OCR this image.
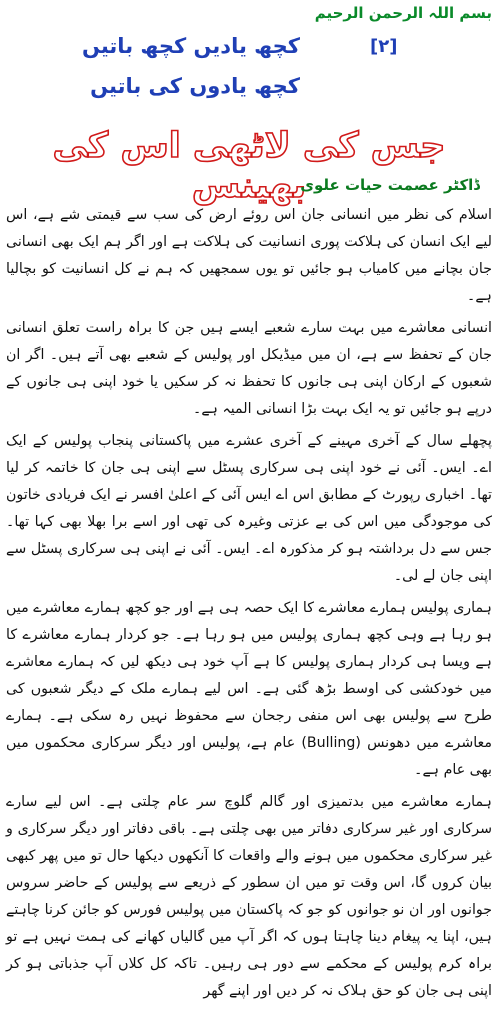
بسم اللہ الرحمن الرحیم
[۲]
کچھ یادیں کچھ باتیں
کچھ یادوں کی باتیں
جس کی لاٹھی اس کی بھینس
ڈاکٹر عصمت حیات علوی

اسلام کی نظر میں انسانی جان اس روئے ارض کی سب سے قیمتی شے ہے، اس لیے ایک انسان کی ہلاکت پوری انسانیت کی ہلاکت ہے اور اگر ہم ایک بھی انسانی جان بچانے میں کامیاب ہو جائیں تو یوں سمجھیں کہ ہم نے کل انسانیت کو بچالیا ہے۔

انسانی معاشرے میں بہت سارے شعبے ایسے ہیں جن کا براہ راست تعلق انسانی جان کے تحفظ سے ہے، ان میں میڈیکل اور پولیس کے شعبے بھی آتے ہیں۔ اگر ان شعبوں کے ارکان اپنی ہی جانوں کا تحفظ نہ کر سکیں یا خود اپنی ہی جانوں کے درپے ہو جائیں تو یہ ایک بہت بڑا انسانی المیہ ہے۔

پچھلے سال کے آخری مہینے کے آخری عشرے میں پاکستانی پنجاب پولیس کے ایک اے۔ ایس۔ آئی نے خود اپنی ہی سرکاری پسٹل سے اپنی ہی جان کا خاتمہ کر لیا تھا۔ اخباری رپورٹ کے مطابق اس اے ایس آئی کے اعلیٰ افسر نے ایک فریادی خاتون کی موجودگی میں اس کی بے عزتی وغیرہ کی تھی اور اسے برا بھلا بھی کہا تھا۔ جس سے دل برداشتہ ہو کر مذکورہ اے۔ ایس۔ آئی نے اپنی ہی سرکاری پسٹل سے اپنی جان لے لی۔

ہماری پولیس ہمارے معاشرے کا ایک حصہ ہی ہے اور جو کچھ ہمارے معاشرے میں ہو رہا ہے وہی کچھ ہماری پولیس میں ہو رہا ہے۔ جو کردار ہمارے معاشرے کا ہے ویسا ہی کردار ہماری پولیس کا ہے آپ خود ہی دیکھ لیں کہ ہمارے معاشرے میں خودکشی کی اوسط بڑھ گئی ہے۔ اس لیے ہمارے ملک کے دیگر شعبوں کی طرح سے پولیس بھی اس منفی رجحان سے محفوظ نہیں رہ سکی ہے۔ ہمارے معاشرے میں دھونس (Bulling) عام ہے، پولیس اور دیگر سرکاری محکموں میں بھی عام ہے۔

ہمارے معاشرے میں بدتمیزی اور گالم گلوچ سر عام چلتی ہے۔ اس لیے سارے سرکاری اور غیر سرکاری دفاتر میں بھی چلتی ہے۔ باقی دفاتر اور دیگر سرکاری و غیر سرکاری محکموں میں ہونے والے واقعات کا آنکھوں دیکھا حال تو میں پھر کبھی بیان کروں گا، اس وقت تو میں ان سطور کے ذریعے سے پولیس کے حاضر سروس جوانوں اور ان نو جوانوں کو جو کہ پاکستان میں پولیس فورس کو جائن کرنا چاہتے ہیں، اپنا یہ پیغام دینا چاہتا ہوں کہ اگر آپ میں گالیاں کھانے کی ہمت نہیں ہے تو براہ کرم پولیس کے محکمے سے دور ہی رہیں۔ تاکہ کل کلاں آپ جذباتی ہو کر اپنی ہی جان کو حق ہلاک نہ کر دیں اور اپنے گھر
